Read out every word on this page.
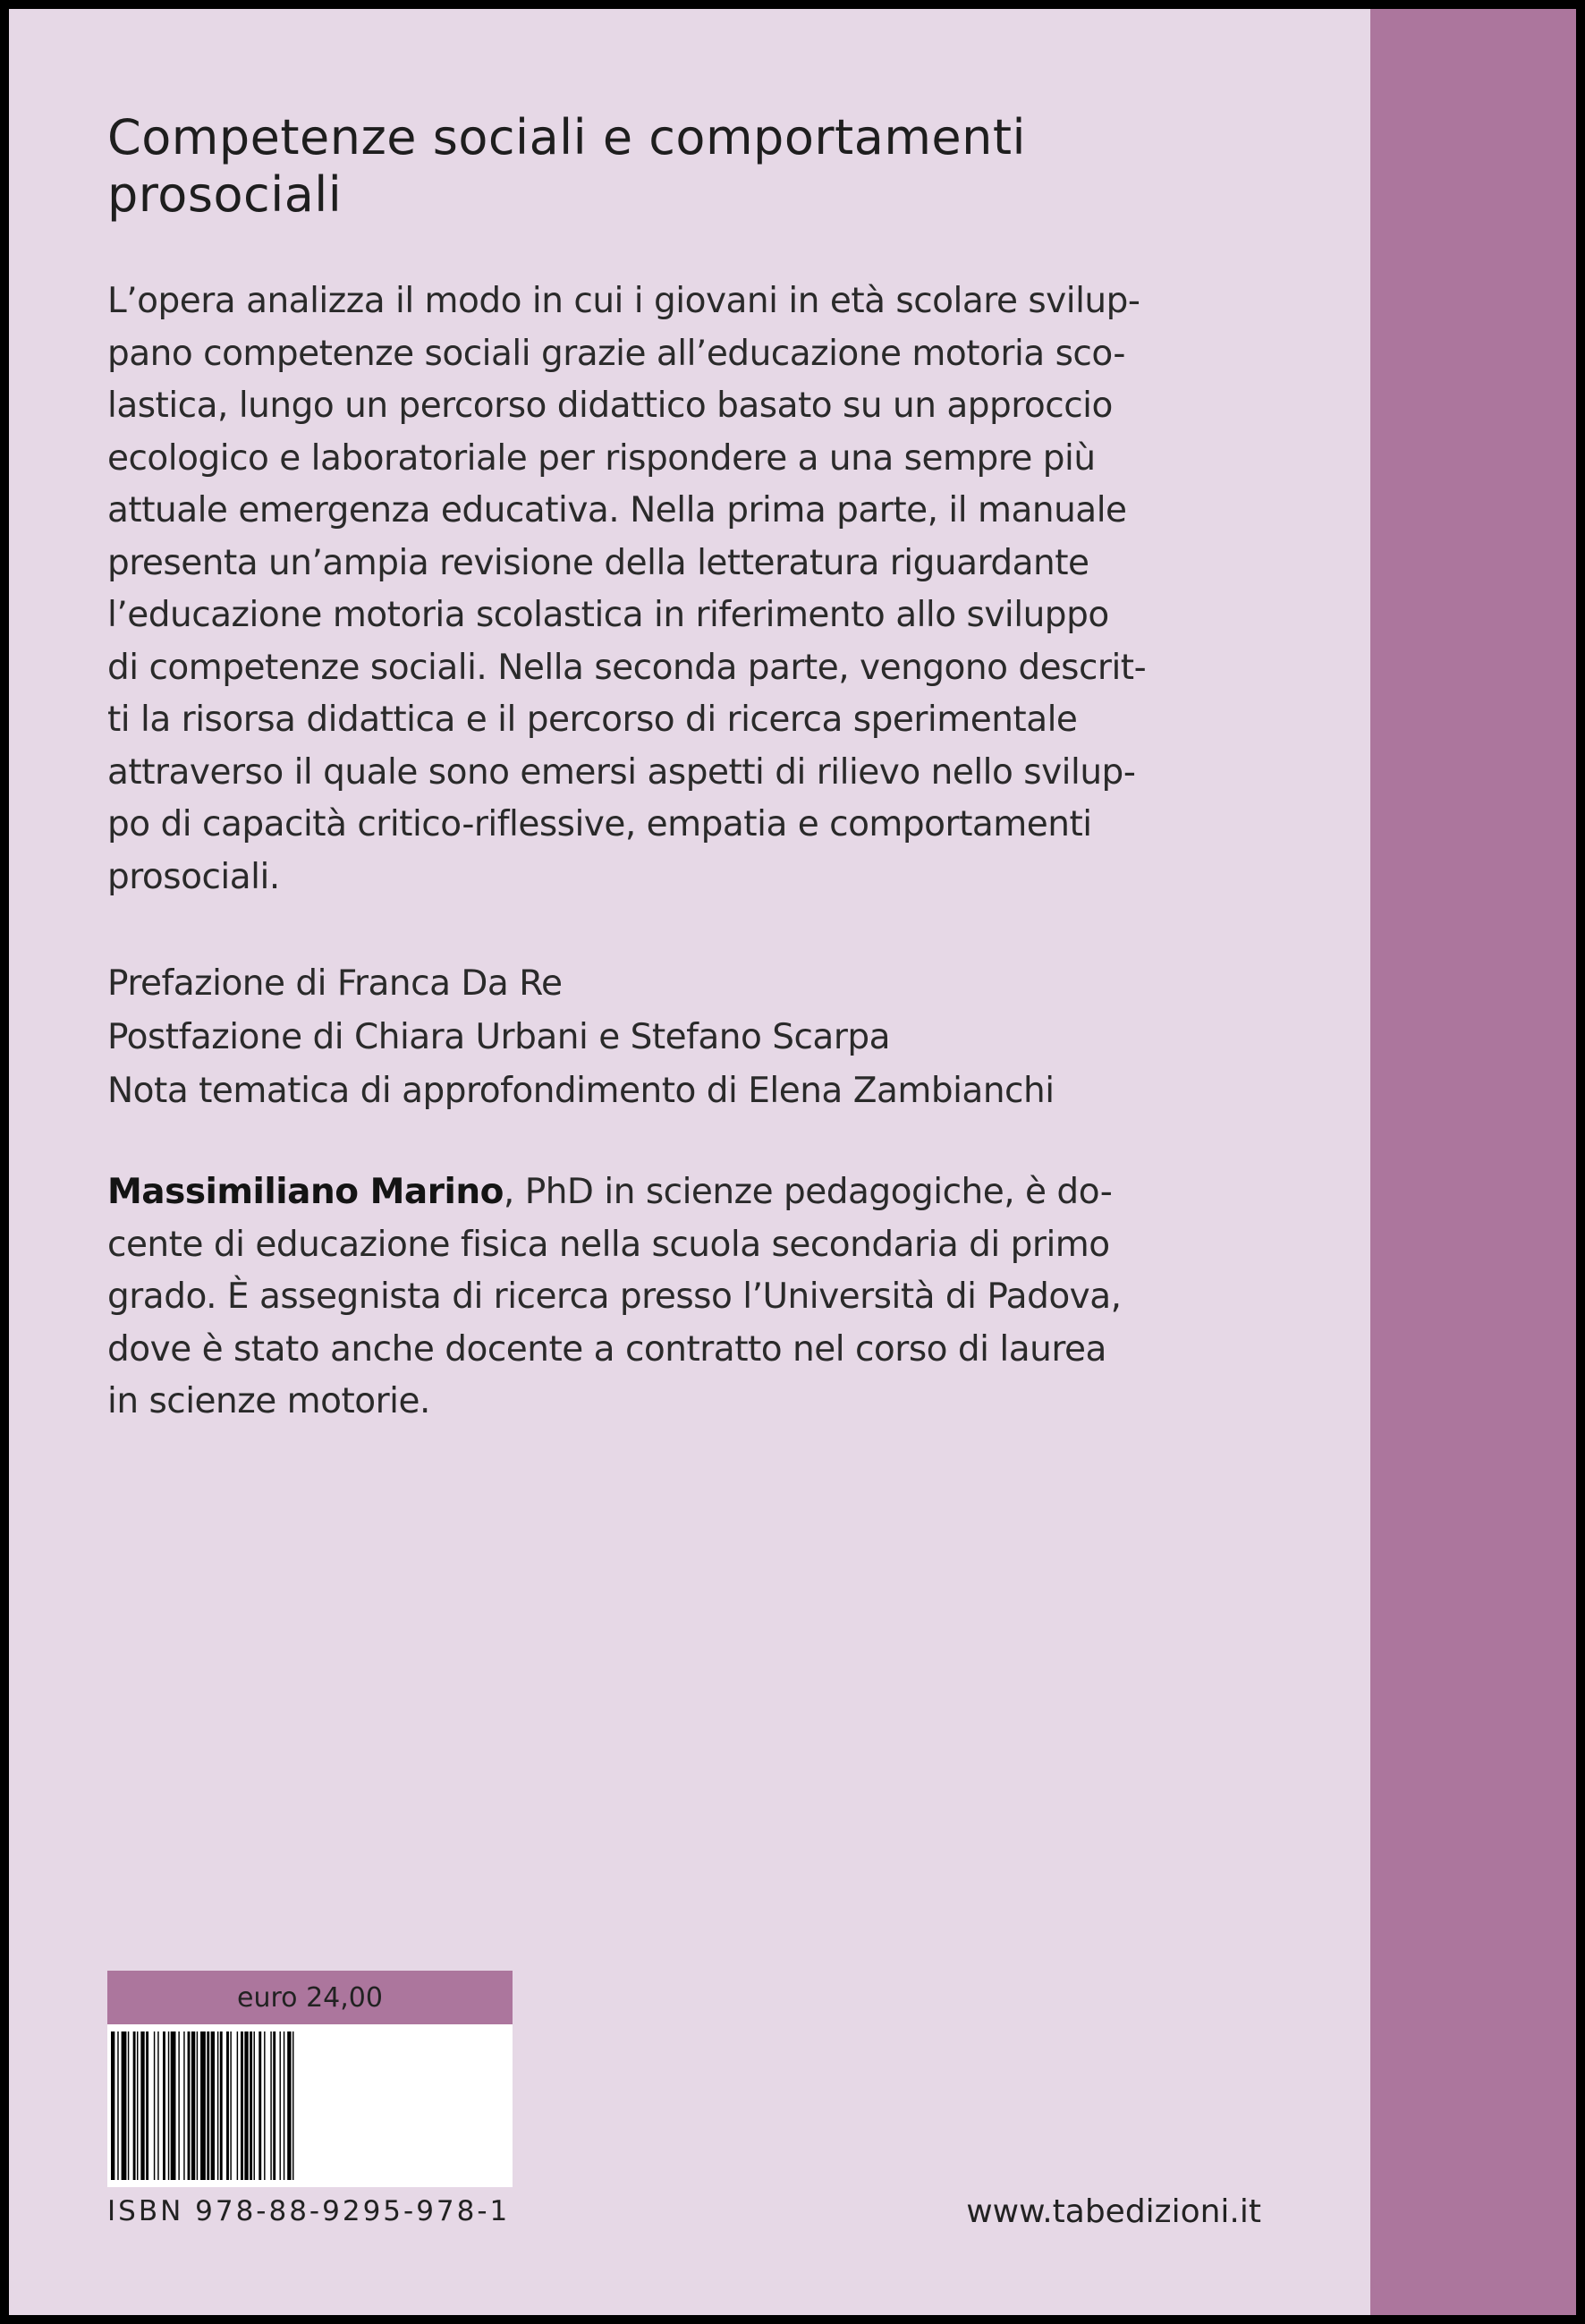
Competenze sociali e comportamenti
prosociali

L’opera analizza il modo in cui i giovani in età scolare svilup-
pano competenze sociali grazie all’educazione motoria sco-
lastica, lungo un percorso didattico basato su un approccio
ecologico e laboratoriale per rispondere a una sempre più
attuale emergenza educativa. Nella prima parte, il manuale
presenta un’ampia revisione della letteratura riguardante
l’educazione motoria scolastica in riferimento allo sviluppo
di competenze sociali. Nella seconda parte, vengono descrit-
ti la risorsa didattica e il percorso di ricerca sperimentale
attraverso il quale sono emersi aspetti di rilievo nello svilup-
po di capacità critico-riflessive, empatia e comportamenti
prosociali.

Prefazione di Franca Da Re
Postfazione di Chiara Urbani e Stefano Scarpa
Nota tematica di approfondimento di Elena Zambianchi
Massimiliano Marino, PhD in scienze pedagogiche, è do-
cente di educazione fisica nella scuola secondaria di primo
grado. È assegnista di ricerca presso l’Università di Padova,
dove è stato anche docente a contratto nel corso di laurea
in scienze motorie.
euro 24,00
ISBN 978-88-9295-978-1	www.tabedizioni.it
